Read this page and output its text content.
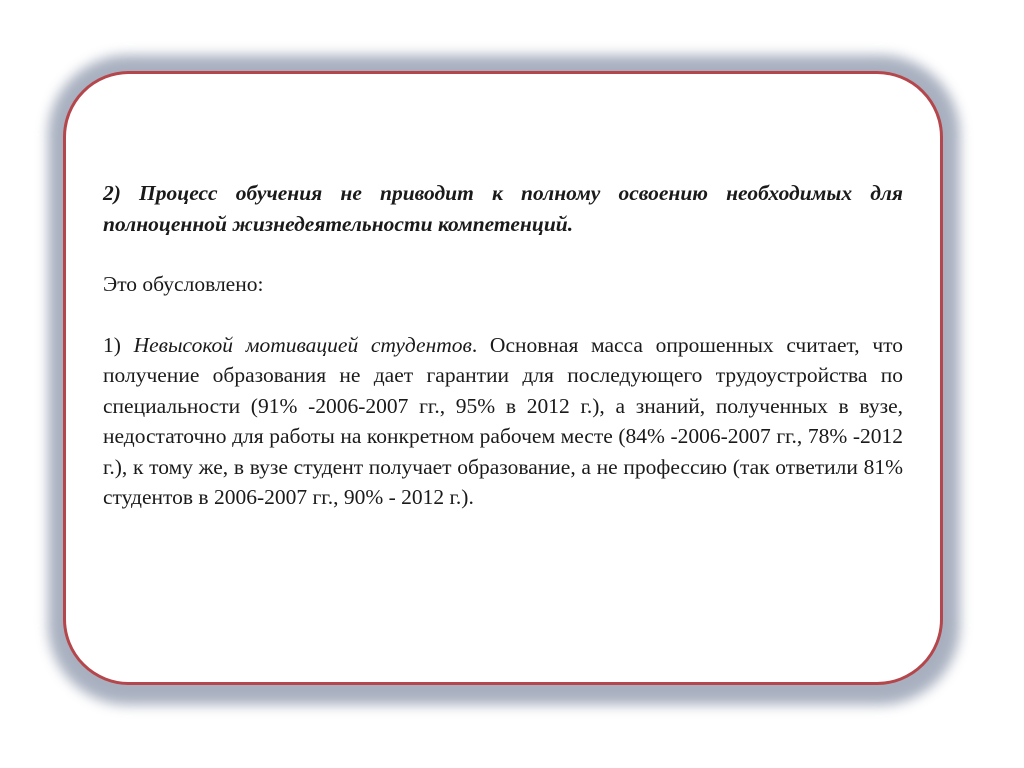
2) Процесс обучения не приводит к полному освоению необходимых для полноценной жизнедеятельности компетенций.

Это обусловлено:

1) Невысокой мотивацией студентов. Основная масса опрошенных считает, что получение образования не дает гарантии для последующего трудоустройства по специальности (91% -2006-2007 гг., 95% в 2012 г.), а знаний, полученных в вузе, недостаточно для работы на конкретном рабочем месте (84% -2006-2007 гг., 78% -2012 г.), к тому же, в вузе студент получает образование, а не профессию (так ответили 81% студентов в 2006-2007 гг., 90% - 2012 г.).
